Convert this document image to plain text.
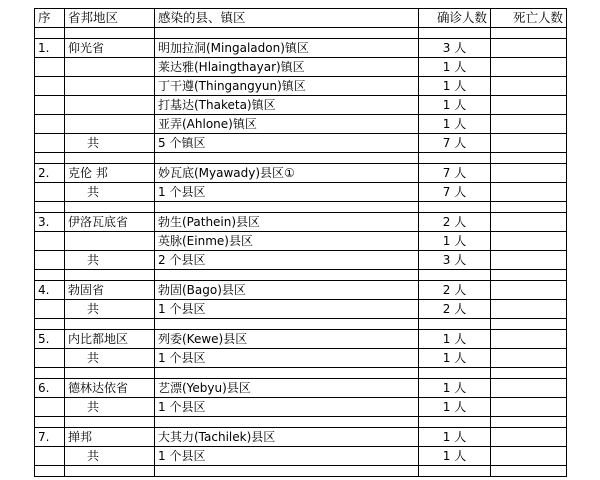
序	省邦地区	感染的县、镇区	确诊人数	死亡人数

1.	仰光省	明加拉洞(Mingaladon)镇区	3 人	
		莱达雅(Hlaingthayar)镇区	1 人	
		丁干遵(Thingangyun)镇区	1 人	
		打基达(Thaketa)镇区	1 人	
		亚弄(Ahlone)镇区	1 人	
	共	5 个镇区	7 人	

2.	克伦 邦	妙瓦底(Myawady)县区①	7 人	
	共	1 个县区	7 人	

3.	伊洛瓦底省	勃生(Pathein)县区	2 人	
		英脉(Einme)县区	1 人	
	共	2 个县区	3 人	

4.	勃固省	勃固(Bago)县区	2 人	
	共	1 个县区	2 人	

5.	内比都地区	列委(Kewe)县区	1 人	
	共	1 个县区	1 人	

6.	德林达依省	艺漂(Yebyu)县区	1 人	
	共	1 个县区	1 人	

7.	掸邦	大其力(Tachilek)县区	1 人	
	共	1 个县区	1 人	
